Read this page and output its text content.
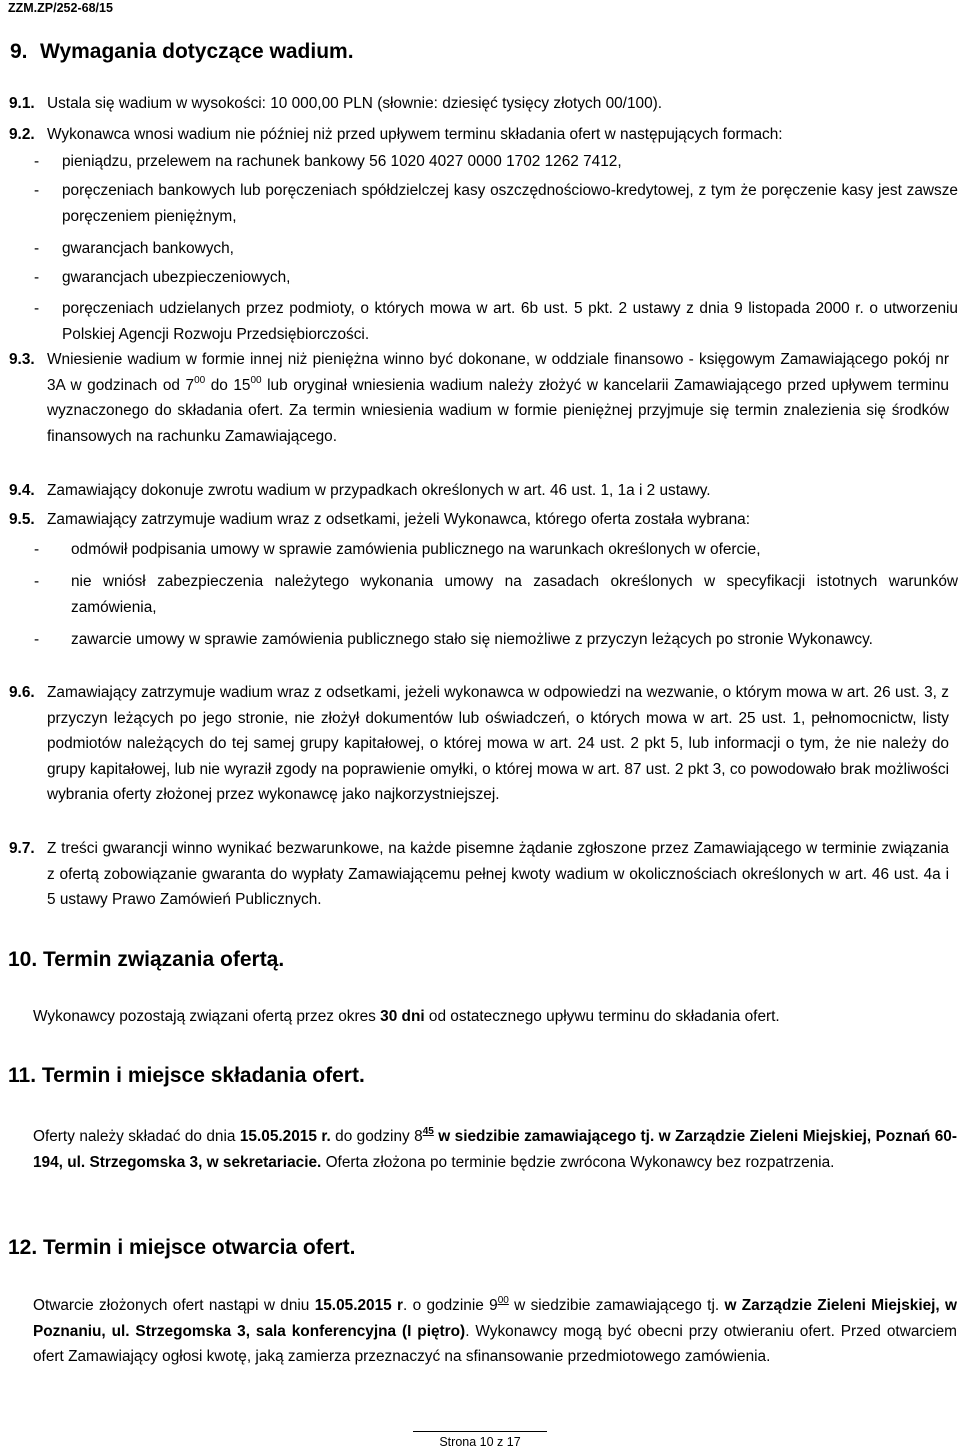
ZZM.ZP/252-68/15
9. Wymagania dotyczące wadium.
9.1. Ustala się wadium w wysokości: 10 000,00 PLN (słownie: dziesięć tysięcy złotych 00/100).
9.2. Wykonawca wnosi wadium nie później niż przed upływem terminu składania ofert w następujących formach:
- pieniądzu, przelewem na rachunek bankowy 56 1020 4027 0000 1702 1262 7412,
- poręczeniach bankowych lub poręczeniach spółdzielczej kasy oszczędnościowo-kredytowej, z tym że poręczenie kasy jest zawsze poręczeniem pieniężnym,
- gwarancjach bankowych,
- gwarancjach ubezpieczeniowych,
- poręczeniach udzielanych przez podmioty, o których mowa w art. 6b ust. 5 pkt. 2 ustawy z dnia 9 listopada 2000 r. o utworzeniu Polskiej Agencji Rozwoju Przedsiębiorczości.
9.3. Wniesienie wadium w formie innej niż pieniężna winno być dokonane, w oddziale finansowo - księgowym Zamawiającego pokój nr 3A w godzinach od $7^{00}$ do $15^{00}$ lub oryginał wniesienia wadium należy złożyć w kancelarii Zamawiającego przed upływem terminu wyznaczonego do składania ofert. Za termin wniesienia wadium w formie pieniężnej przyjmuje się termin znalezienia się środków finansowych na rachunku Zamawiającego.
9.4. Zamawiający dokonuje zwrotu wadium w przypadkach określonych w art. 46 ust. 1, 1a i 2 ustawy.
9.5. Zamawiający zatrzymuje wadium wraz z odsetkami, jeżeli Wykonawca, którego oferta została wybrana:
- odmówił podpisania umowy w sprawie zamówienia publicznego na warunkach określonych w ofercie,
- nie wniósł zabezpieczenia należytego wykonania umowy na zasadach określonych w specyfikacji istotnych warunków zamówienia,
- zawarcie umowy w sprawie zamówienia publicznego stało się niemożliwe z przyczyn leżących po stronie Wykonawcy.
9.6. Zamawiający zatrzymuje wadium wraz z odsetkami, jeżeli wykonawca w odpowiedzi na wezwanie, o którym mowa w art. 26 ust. 3, z przyczyn leżących po jego stronie, nie złożył dokumentów lub oświadczeń, o których mowa w art. 25 ust. 1, pełnomocnictw, listy podmiotów należących do tej samej grupy kapitałowej, o której mowa w art. 24 ust. 2 pkt 5, lub informacji o tym, że nie należy do grupy kapitałowej, lub nie wyraził zgody na poprawienie omyłki, o której mowa w art. 87 ust. 2 pkt 3, co powodowało brak możliwości wybrania oferty złożonej przez wykonawcę jako najkorzystniejszej.
9.7. Z treści gwarancji winno wynikać bezwarunkowe, na każde pisemne żądanie zgłoszone przez Zamawiającego w terminie związania z ofertą zobowiązanie gwaranta do wypłaty Zamawiającemu pełnej kwoty wadium w okolicznościach określonych w art. 46 ust. 4a i 5 ustawy Prawo Zamówień Publicznych.
10. Termin związania ofertą.
Wykonawcy pozostają związani ofertą przez okres 30 dni od ostatecznego upływu terminu do składania ofert.
11. Termin i miejsce składania ofert.
Oferty należy składać do dnia 15.05.2015 r. do godziny $8^{45}$ w siedzibie zamawiającego tj. w Zarządzie Zieleni Miejskiej, Poznań 60-194, ul. Strzegomska 3, w sekretariacie. Oferta złożona po terminie będzie zwrócona Wykonawcy bez rozpatrzenia.
12. Termin i miejsce otwarcia ofert.
Otwarcie złożonych ofert nastąpi w dniu 15.05.2015 r. o godzinie $9^{00}$ w siedzibie zamawiającego tj. w Zarządzie Zieleni Miejskiej, w Poznaniu, ul. Strzegomska 3, sala konferencyjna (I piętro). Wykonawcy mogą być obecni przy otwieraniu ofert. Przed otwarciem ofert Zamawiający ogłosi kwotę, jaką zamierza przeznaczyć na sfinansowanie przedmiotowego zamówienia.
Strona 10 z 17
